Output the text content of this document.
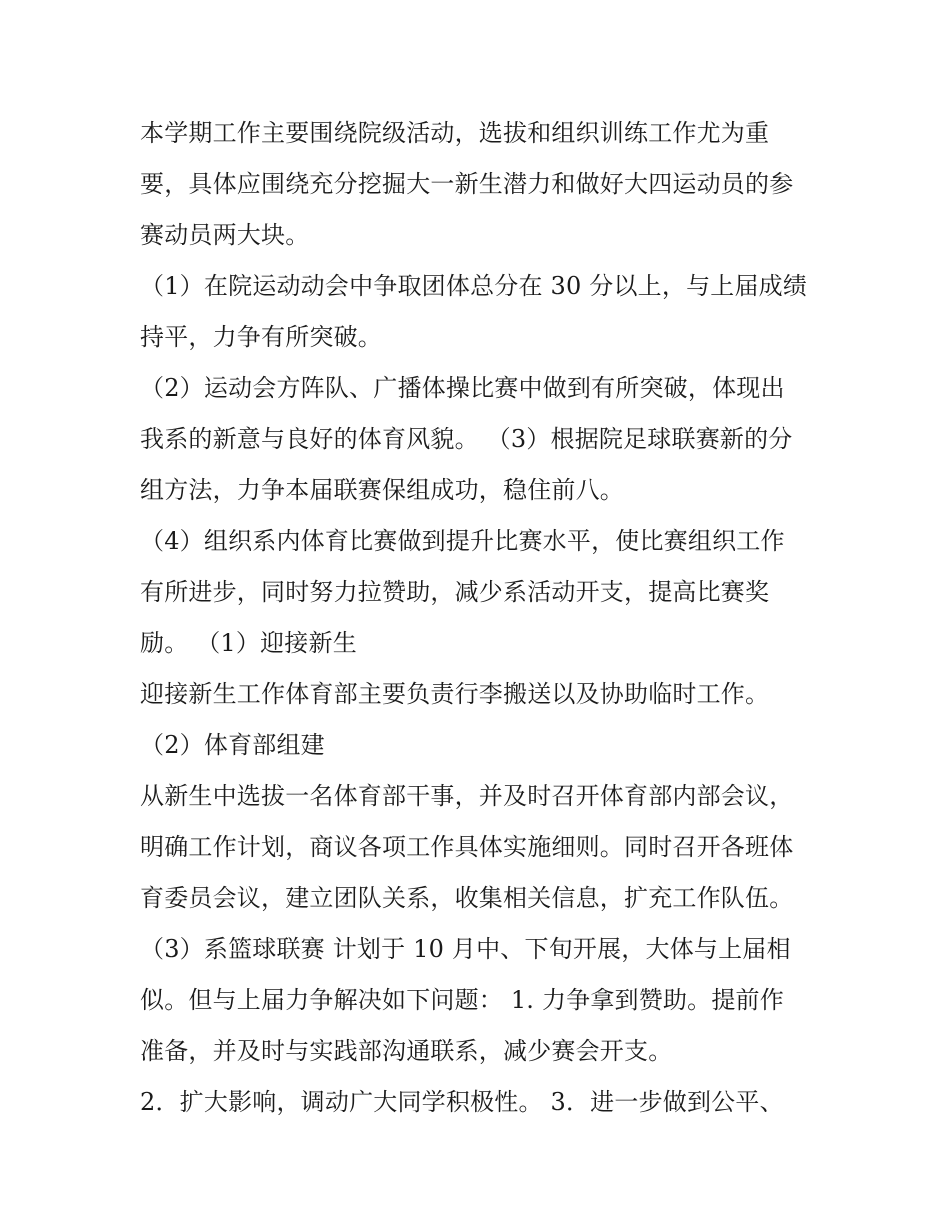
本学期工作主要围绕院级活动，选拔和组织训练工作尤为重

要，具体应围绕充分挖掘大一新生潜力和做好大四运动员的参

赛动员两大块。

（1）在院运动动会中争取团体总分在 30 分以上，与上届成绩

持平，力争有所突破。

（2）运动会方阵队、广播体操比赛中做到有所突破，体现出

我系的新意与良好的体育风貌。 （3）根据院足球联赛新的分

组方法，力争本届联赛保组成功，稳住前八。

（4）组织系内体育比赛做到提升比赛水平，使比赛组织工作

有所进步，同时努力拉赞助，减少系活动开支，提高比赛奖

励。 （1）迎接新生

迎接新生工作体育部主要负责行李搬送以及协助临时工作。

（2）体育部组建

从新生中选拔一名体育部干事，并及时召开体育部内部会议，

明确工作计划，商议各项工作具体实施细则。同时召开各班体

育委员会议，建立团队关系，收集相关信息，扩充工作队伍。

（3）系篮球联赛 计划于 10 月中、下旬开展，大体与上届相

似。但与上届力争解决如下问题： 1. 力争拿到赞助。提前作

准备，并及时与实践部沟通联系，减少赛会开支。

2．扩大影响，调动广大同学积极性。 3．进一步做到公平、
